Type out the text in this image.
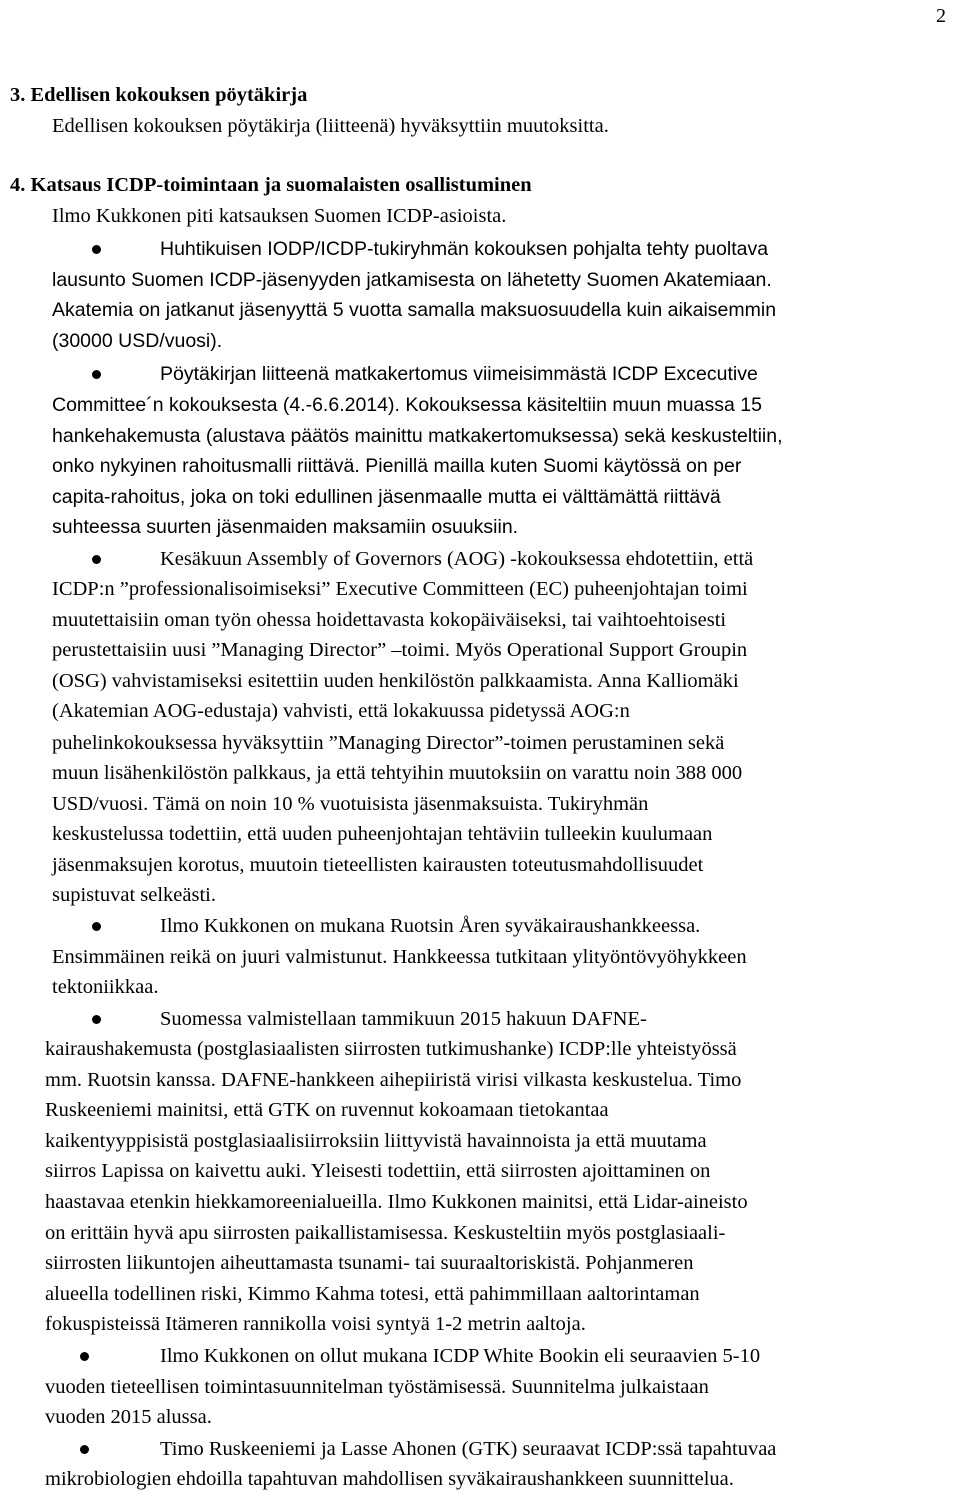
2
3. Edellisen kokouksen pöytäkirja
Edellisen kokouksen pöytäkirja (liitteenä) hyväksyttiin muutoksitta.
4. Katsaus ICDP-toimintaan ja suomalaisten osallistuminen
Ilmo Kukkonen piti katsauksen Suomen ICDP-asioista.
Huhtikuisen IODP/ICDP-tukiryhmän kokouksen pohjalta tehty puoltava
lausunto Suomen ICDP-jäsenyyden jatkamisesta on lähetetty Suomen Akatemiaan.
Akatemia on jatkanut jäsenyyttä 5 vuotta samalla maksuosuudella kuin aikaisemmin
(30000 USD/vuosi).
Pöytäkirjan liitteenä matkakertomus viimeisimmästä ICDP Excecutive
Committee´n kokouksesta (4.-6.6.2014). Kokouksessa käsiteltiin muun muassa 15
hankehakemusta (alustava päätös mainittu matkakertomuksessa) sekä keskusteltiin,
onko nykyinen rahoitusmalli riittävä. Pienillä mailla kuten Suomi käytössä on per
capita-rahoitus, joka on toki edullinen jäsenmaalle mutta ei välttämättä riittävä
suhteessa suurten jäsenmaiden maksamiin osuuksiin.
Kesäkuun Assembly of Governors (AOG) -kokouksessa ehdotettiin, että
ICDP:n ”professionalisoimiseksi” Executive Committeen (EC) puheenjohtajan toimi
muutettaisiin oman työn ohessa hoidettavasta kokopäiväiseksi, tai vaihtoehtoisesti
perustettaisiin uusi ”Managing Director” –toimi. Myös Operational Support Groupin
(OSG) vahvistamiseksi esitettiin uuden henkilöstön palkkaamista. Anna Kalliomäki
(Akatemian AOG-edustaja) vahvisti, että lokakuussa pidetyssä AOG:n
puhelinkokouksessa hyväksyttiin ”Managing Director”-toimen perustaminen sekä
muun lisähenkilöstön palkkaus, ja että tehtyihin muutoksiin on varattu noin 388 000
USD/vuosi. Tämä on noin 10 % vuotuisista jäsenmaksuista. Tukiryhmän
keskustelussa todettiin, että uuden puheenjohtajan tehtäviin tulleekin kuulumaan
jäsenmaksujen korotus, muutoin tieteellisten kairausten toteutusmahdollisuudet
supistuvat selkeästi.
Ilmo Kukkonen on mukana Ruotsin Åren syväkairaushankkeessa.
Ensimmäinen reikä on juuri valmistunut. Hankkeessa tutkitaan ylityöntövyöhykkeen
tektoniikkaa.
Suomessa valmistellaan tammikuun 2015 hakuun DAFNE-
kairaushakemusta (postglasiaalisten siirrosten tutkimushanke) ICDP:lle yhteistyössä
mm. Ruotsin kanssa. DAFNE-hankkeen aihepiiristä virisi vilkasta keskustelua. Timo
Ruskeeniemi mainitsi, että GTK on ruvennut kokoamaan tietokantaa
kaikentyyppisistä postglasiaalisiirroksiin liittyvistä havainnoista ja että muutama
siirros Lapissa on kaivettu auki. Yleisesti todettiin, että siirrosten ajoittaminen on
haastavaa etenkin hiekkamoreenialueilla. Ilmo Kukkonen mainitsi, että Lidar-aineisto
on erittäin hyvä apu siirrosten paikallistamisessa. Keskusteltiin myös postglasiaali-
siirrosten liikuntojen aiheuttamasta tsunami- tai suuraaltoriskistä. Pohjanmeren
alueella todellinen riski, Kimmo Kahma totesi, että pahimmillaan aaltorintaman
fokuspisteissä Itämeren rannikolla voisi syntyä 1-2 metrin aaltoja.
Ilmo Kukkonen on ollut mukana ICDP White Bookin eli seuraavien 5-10
vuoden tieteellisen toimintasuunnitelman työstämisessä. Suunnitelma julkaistaan
vuoden 2015 alussa.
Timo Ruskeeniemi ja Lasse Ahonen (GTK) seuraavat ICDP:ssä tapahtuvaa
mikrobiologien ehdoilla tapahtuvan mahdollisen syväkairaushankkeen suunnittelua.
